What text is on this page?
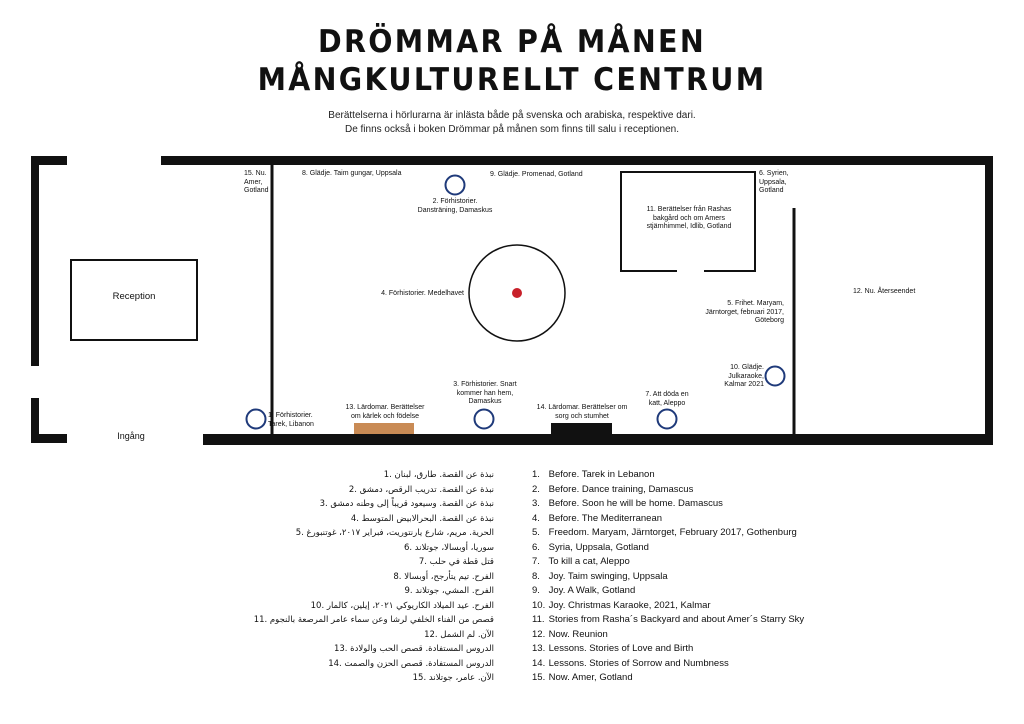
DRÖMMAR PÅ MÅNEN
MÅNGKULTURELLT CENTRUM
Berättelserna i hörlurarna är inlästa både på svenska och arabiska, respektive dari.
De finns också i boken Drömmar på månen som finns till salu i receptionen.
Reception
Ingång
1. Förhistorier. Tarek, Libanon
2. Förhistorier. Dansträning, Damaskus
3. Förhistorier. Snart kommer han hem, Damaskus
4. Förhistorier. Medelhavet
5. Frihet. Maryam, Järntorget, februari 2017, Göteborg
6. Syrien, Uppsala, Gotland
7. Att döda en katt, Aleppo
8. Glädje. Taim gungar, Uppsala	9. Glädje. Promenad, Gotland
10. Glädje. Julkaraoke, Kalmar 2021
11. Berättelser från Rashas bakgård och om Amers stjärnhimmel, Idlib, Gotland
12. Nu. Återseendet
13. Lärdomar. Berättelser om kärlek och födelse
14. Lärdomar. Berättelser om sorg och stumhet
15. Nu. Amer, Gotland
نبذة عن القصة. طارق، لبنان .1
نبذة عن القصة. تدريب الرقص، دمشق .2
نبذة عن القصة. وسيعود قريباً إلى وطنه دمشق .3
نبذة عن القصة. البحرالابيض المتوسط .4
الحرية. مريم، شارع يارنتوريت، فبراير ٢٠١٧، غوتنبورغ .5
سوريا، أوبسالا، جوتلاند .6
قتل قطة في حلب .7
الفرح. تيم يتأرجح، أوبسالا .8
الفرح. المشي، جوتلاند .9
الفرح. عيد الميلاد الكاريوكي ٢٠٢١، إيلين، كالمار .10
قصص من الفناء الخلفي لرشا وعن سماء عامر المرصعة بالنجوم .11
الآن. لم الشمل .12
الدروس المستفادة. قصص الحب والولادة .13
الدروس المستفادة. قصص الحزن والصمت .14
الآن. عامر، جوتلاند .15
1. Before. Tarek in Lebanon
2. Before. Dance training, Damascus
3. Before. Soon he will be home. Damascus
4. Before. The Mediterranean
5. Freedom. Maryam, Järntorget, February 2017, Gothenburg
6. Syria, Uppsala, Gotland
7. To kill a cat, Aleppo
8. Joy. Taim swinging, Uppsala
9. Joy. A Walk, Gotland
10. Joy. Christmas Karaoke, 2021, Kalmar
11. Stories from Rasha´s Backyard and about Amer´s Starry Sky
12. Now. Reunion
13. Lessons. Stories of Love and Birth
14. Lessons. Stories of Sorrow and Numbness
15. Now. Amer, Gotland
